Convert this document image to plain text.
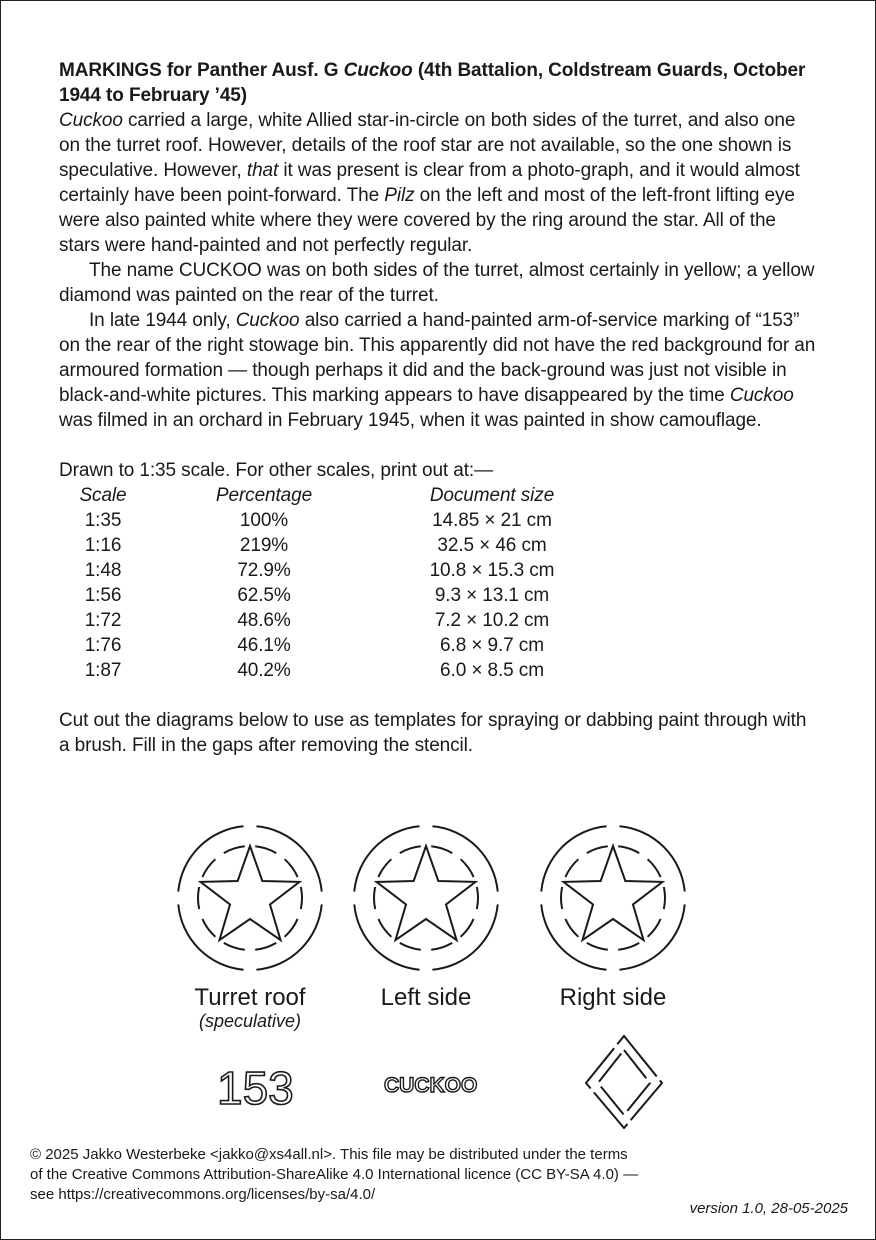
MARKINGS for Panther Ausf. G Cuckoo (4th Battalion, Coldstream Guards, October 1944 to February ’45)

Cuckoo carried a large, white Allied star-in-circle on both sides of the turret, and also one on the turret roof. However, details of the roof star are not available, so the one shown is speculative. However, that it was present is clear from a photo-graph, and it would almost certainly have been point-forward. The Pilz on the left and most of the left-front lifting eye were also painted white where they were covered by the ring around the star. All of the stars were hand-painted and not perfectly regular.

The name CUCKOO was on both sides of the turret, almost certainly in yellow; a yellow diamond was painted on the rear of the turret.

In late 1944 only, Cuckoo also carried a hand-painted arm-of-service marking of “153” on the rear of the right stowage bin. This apparently did not have the red background for an armoured formation — though perhaps it did and the back-ground was just not visible in black-and-white pictures. This marking appears to have disappeared by the time Cuckoo was filmed in an orchard in February 1945, when it was painted in show camouflage.

Drawn to 1:35 scale. For other scales, print out at:—

Scale	Percentage	Document size
1:35	100%	14.85 × 21 cm
1:16	219%	32.5 × 46 cm
1:48	72.9%	10.8 × 15.3 cm
1:56	62.5%	9.3 × 13.1 cm
1:72	48.6%	7.2 × 10.2 cm
1:76	46.1%	6.8 × 9.7 cm
1:87	40.2%	6.0 × 8.5 cm

Cut out the diagrams below to use as templates for spraying or dabbing paint through with a brush. Fill in the gaps after removing the stencil.

Turret roof
(speculative)
Left side	Right side
153	CUCKOO
© 2025 Jakko Westerbeke <jakko@xs4all.nl>. This file may be distributed under the terms
of the Creative Commons Attribution-ShareAlike 4.0 International licence (CC BY-SA 4.0) —
see https://creativecommons.org/licenses/by-sa/4.0/
version 1.0, 28-05-2025
